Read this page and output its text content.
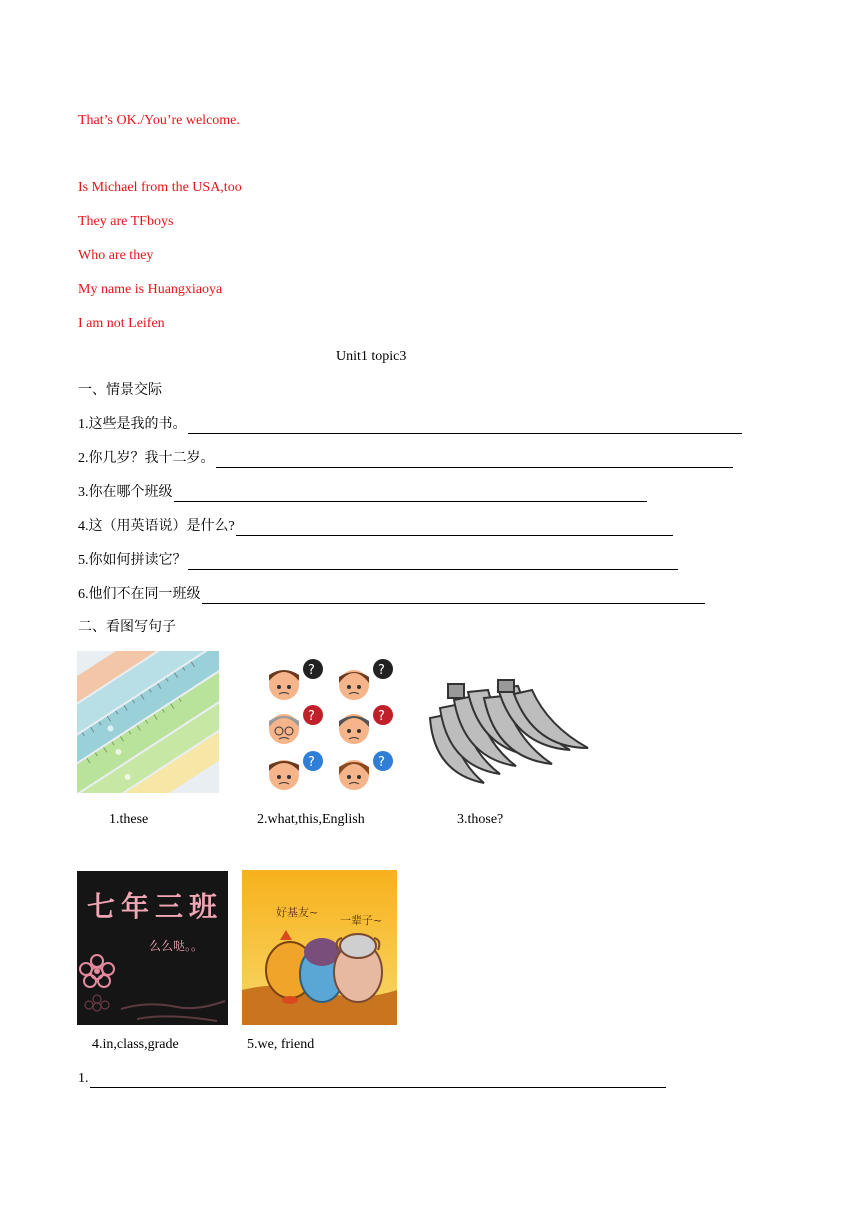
That’s OK./You’re welcome.
Is Michael from the USA,too
They are TFboys
Who are they
My name is Huangxiaoya
I am not Leifen
Unit1 topic3
一、情景交际
1.这些是我的书。
2.你几岁？我十二岁。
3.你在哪个班级
4.这（用英语说）是什么?
5.你如何拼读它？
6.他们不在同一班级
二、看图写句子
?	?
?	?
?	?
1.these	2.what,this,English	3.those?
七年三班
么么哒。。
好基友~
一辈子~
4.in,class,grade	5.we, friend
1.
